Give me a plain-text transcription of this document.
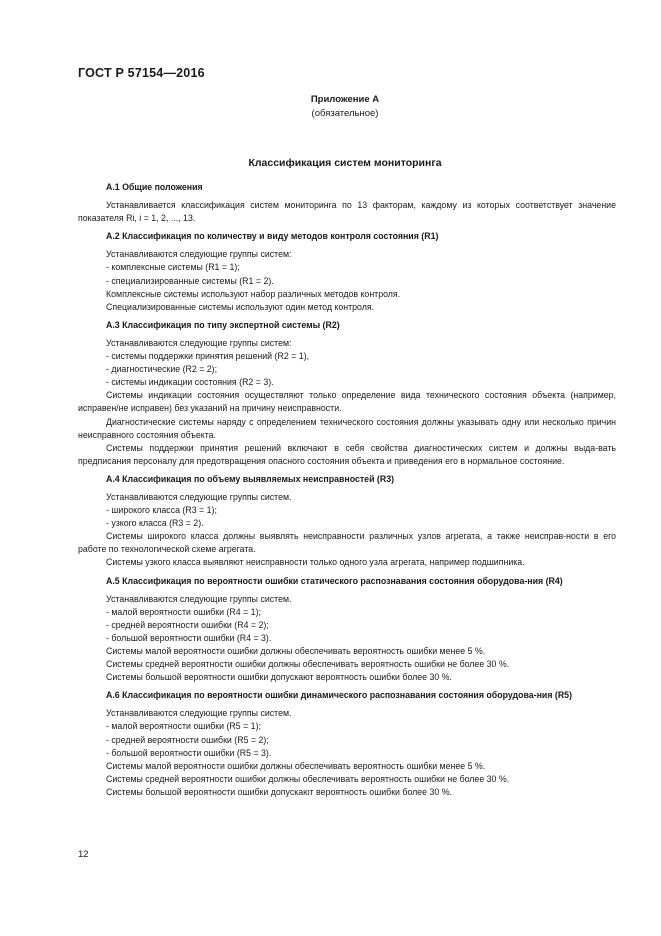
ГОСТ Р 57154—2016
Приложение А
(обязательное)
Классификация систем мониторинга

А.1 Общие положения

Устанавливается классификация систем мониторинга по 13 факторам, каждому из которых соответствует значение показателя Ri, i = 1, 2, ..., 13.

А.2 Классификация по количеству и виду методов контроля состояния (R1)

Устанавливаются следующие группы систем:

- комплексные системы (R1 = 1);

- специализированные системы (R1 = 2).

Комплексные системы используют набор различных методов контроля.

Специализированные системы используют один метод контроля.

А.3 Классификация по типу экспертной системы (R2)

Устанавливаются следующие группы систем:

- системы поддержки принятия решений (R2 = 1),

- диагностические (R2 = 2);

- системы индикации состояния (R2 = 3).

Системы индикации состояния осуществляют только определение вида технического состояния объекта (например, исправен/не исправен) без указаний на причину неисправности.

Диагностические системы наряду с определением технического состояния должны указывать одну или несколько причин неисправного состояния объекта.

Системы поддержки принятия решений включают в себя свойства диагностических систем и должны выда-вать предписания персоналу для предотвращения опасного состояния объекта и приведения его в нормальное состояние.

А.4 Классификация по объему выявляемых неисправностей (R3)

Устанавливаются следующие группы систем.

- широкого класса (R3 = 1);

- узкого класса (R3 = 2).

Системы широкого класса должны выявлять неисправности различных узлов агрегата, а также неисправ-ности в его работе по технологической схеме агрегата.

Системы узкого класса выявляют неисправности только одного узла агрегата, например подшипника.

А.5 Классификация по вероятности ошибки статического распознавания состояния оборудова-ния (R4)

Устанавливаются следующие группы систем.

- малой вероятности ошибки (R4 = 1);

- средней вероятности ошибки (R4 = 2);

- большой вероятности ошибки (R4 = 3).

Системы малой вероятности ошибки должны обеспечивать вероятность ошибки менее 5 %.

Системы средней вероятности ошибки должны обеспечивать вероятность ошибки не более 30 %.

Системы большой вероятности ошибки допускают вероятность ошибки более 30 %.

А.6 Классификация по вероятности ошибки динамического распознавания состояния оборудова-ния (R5)

Устанавливаются следующие группы систем.

- малой вероятности ошибки (R5 = 1);

- средней вероятности ошибки (R5 = 2);

- большой вероятности ошибки (R5 = 3).

Системы малой вероятности ошибки должны обеспечивать вероятность ошибки менее 5 %.

Системы средней вероятности ошибки должны обеспечивать вероятность ошибки не более 30 %.

Системы большой вероятности ошибки допускают вероятность ошибки более 30 %.

12
